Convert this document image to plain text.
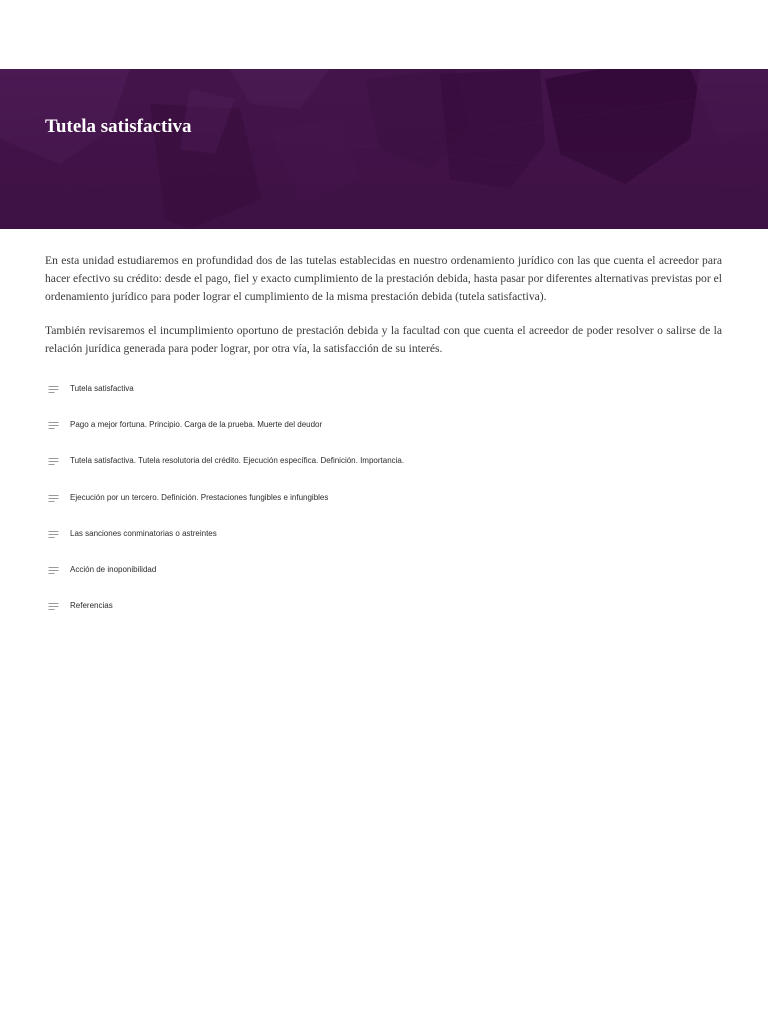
Tutela satisfactiva

En esta unidad estudiaremos en profundidad dos de las tutelas establecidas en nuestro ordenamiento jurídico con las que cuenta el acreedor para hacer efectivo su crédito: desde el pago, fiel y exacto cumplimiento de la prestación debida, hasta pasar por diferentes alternativas previstas por el ordenamiento jurídico para poder lograr el cumplimiento de la misma prestación debida (tutela satisfactiva).

También revisaremos el incumplimiento oportuno de prestación debida y la facultad con que cuenta el acreedor de poder resolver o salirse de la relación jurídica generada para poder lograr, por otra vía, la satisfacción de su interés.

Tutela satisfactiva
Pago a mejor fortuna. Principio. Carga de la prueba. Muerte del deudor
Tutela satisfactiva. Tutela resolutoria del crédito. Ejecución específica. Definición. Importancia.
Ejecución por un tercero. Definición. Prestaciones fungibles e infungibles
Las sanciones conminatorias o astreintes
Acción de inoponibilidad
Referencias
